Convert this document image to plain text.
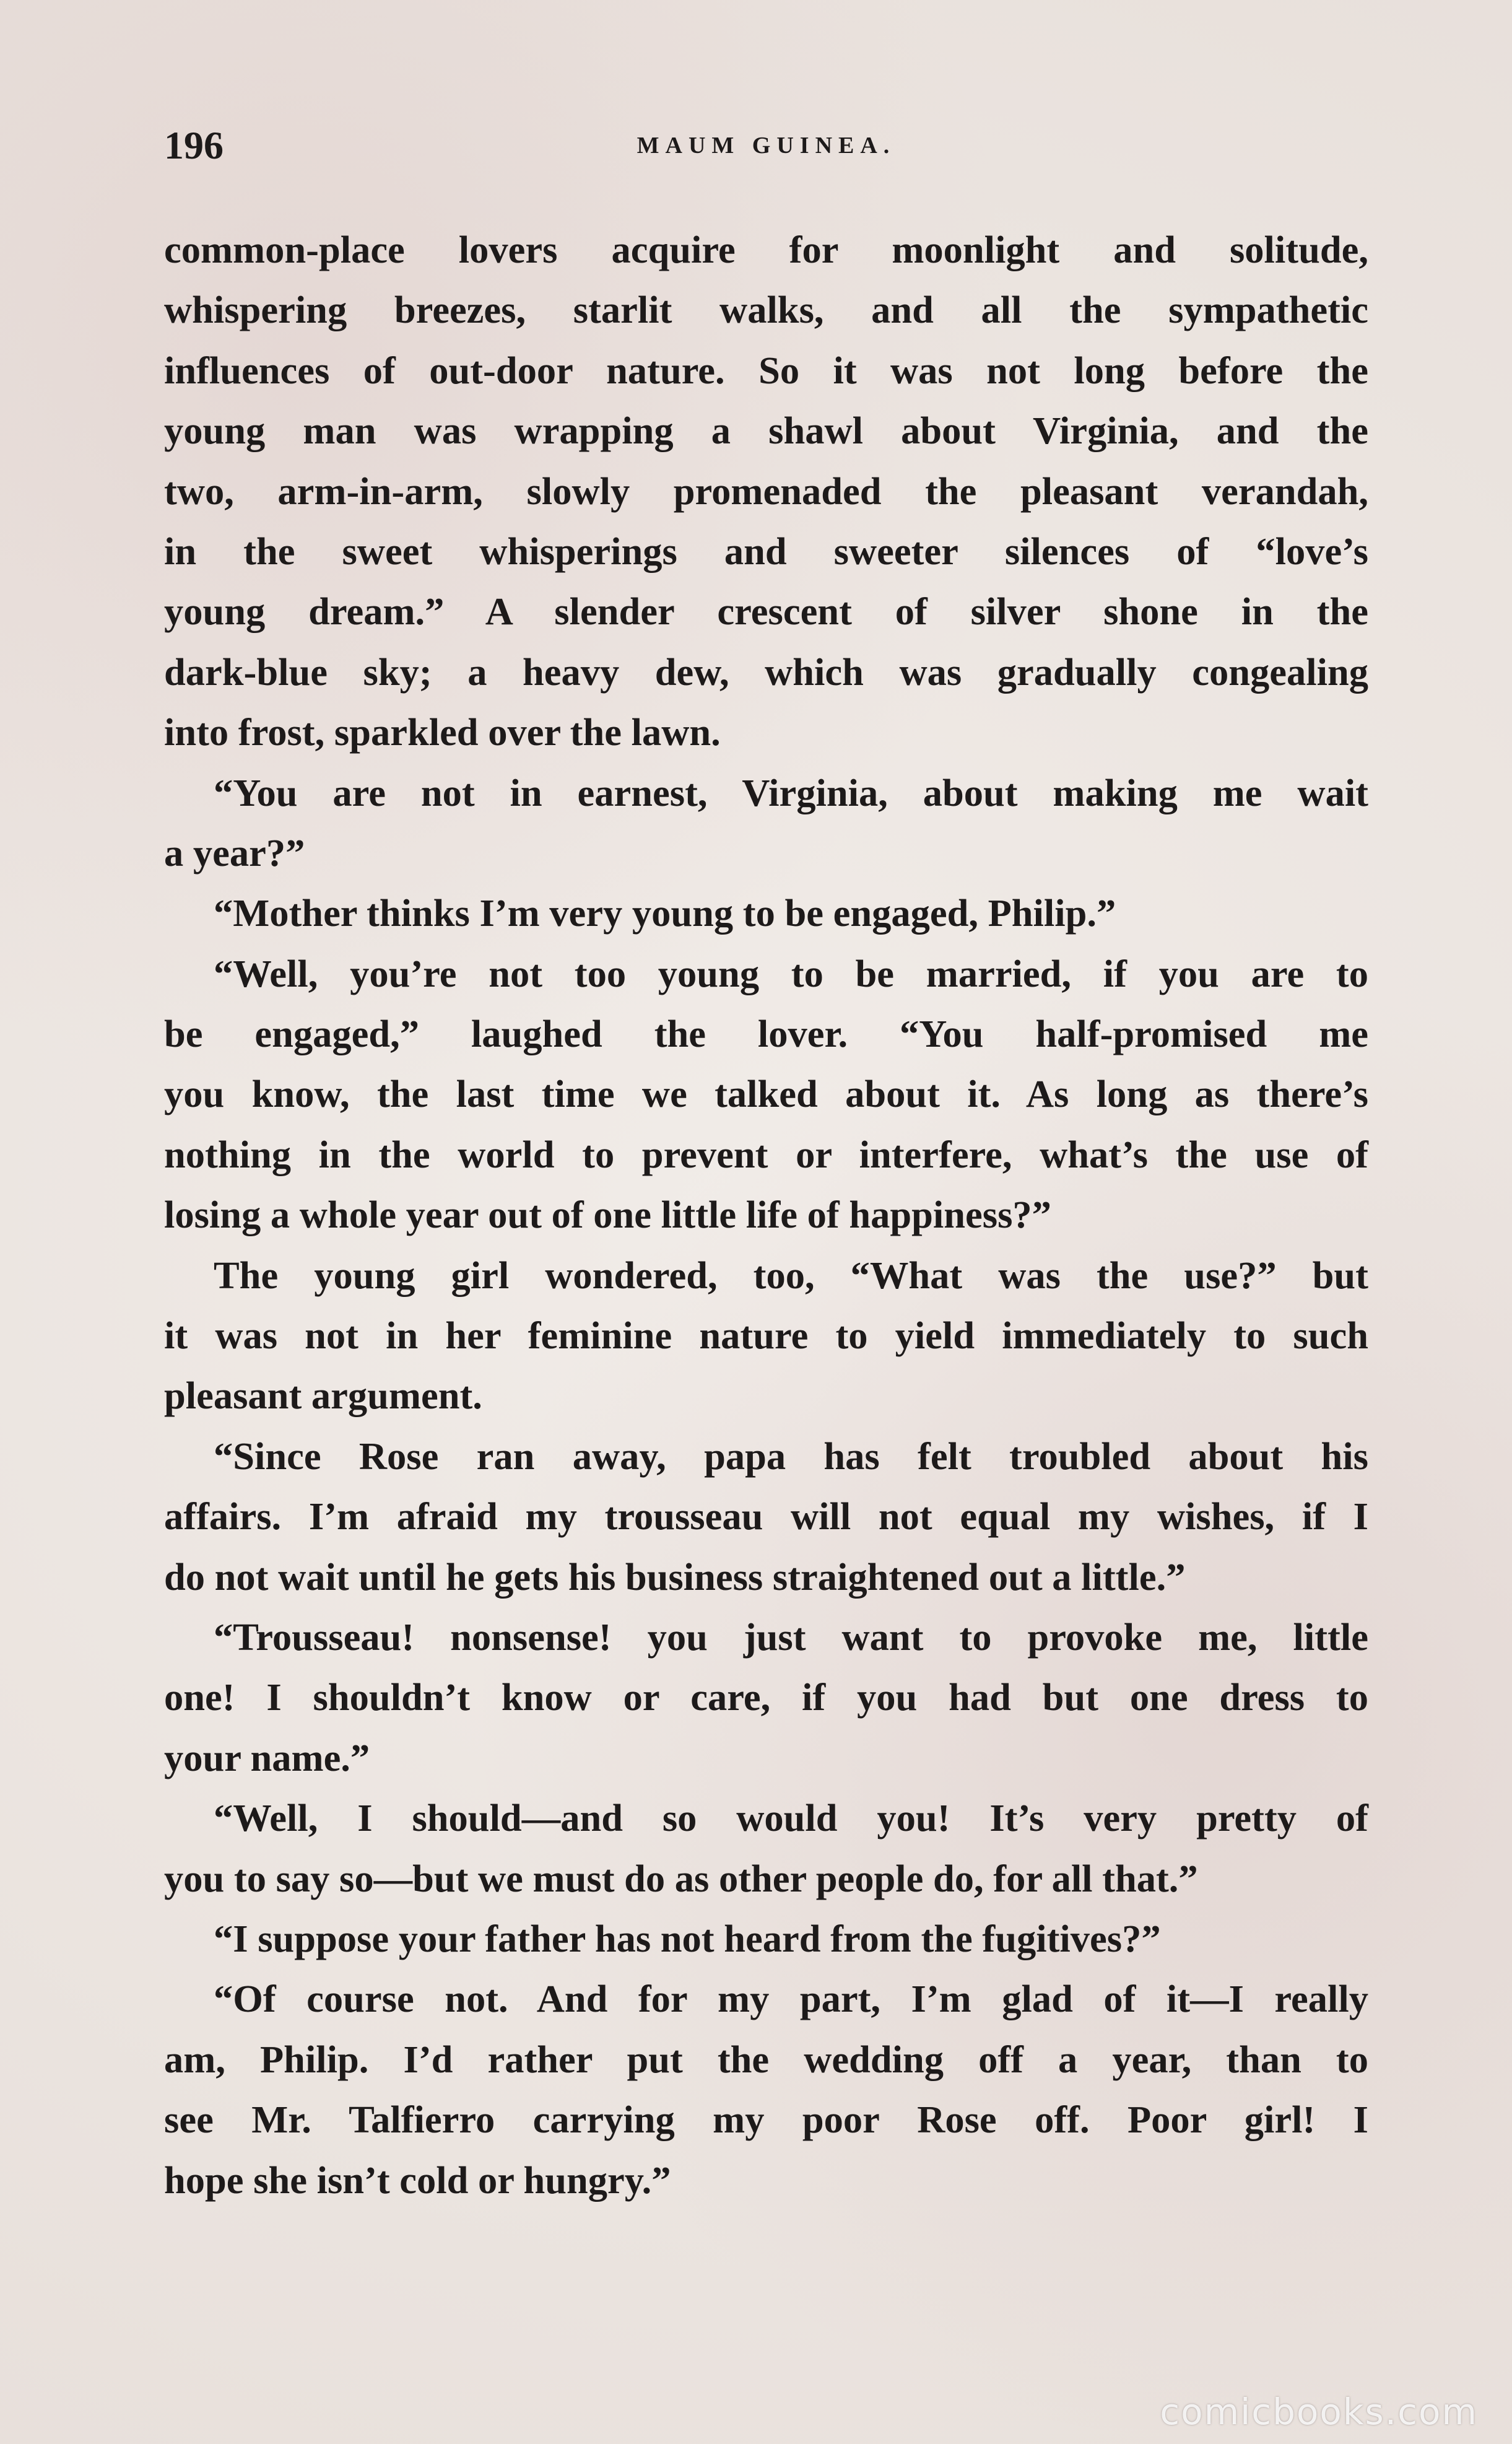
196	MAUM GUINEA.
common-place lovers acquire for moonlight and solitude,
whispering breezes, starlit walks, and all the sympathetic
influences of out-door nature. So it was not long before the
young man was wrapping a shawl about Virginia, and the
two, arm-in-arm, slowly promenaded the pleasant verandah,
in the sweet whisperings and sweeter silences of “love’s
young dream.” A slender crescent of silver shone in the
dark-blue sky; a heavy dew, which was gradually congealing
into frost, sparkled over the lawn.
“You are not in earnest, Virginia, about making me wait
a year?”
“Mother thinks I’m very young to be engaged, Philip.”
“Well, you’re not too young to be married, if you are to
be engaged,” laughed the lover. “You half-promised me
you know, the last time we talked about it. As long as there’s
nothing in the world to prevent or interfere, what’s the use of
losing a whole year out of one little life of happiness?”
The young girl wondered, too, “What was the use?” but
it was not in her feminine nature to yield immediately to such
pleasant argument.
“Since Rose ran away, papa has felt troubled about his
affairs. I’m afraid my trousseau will not equal my wishes, if I
do not wait until he gets his business straightened out a little.”
“Trousseau! nonsense! you just want to provoke me, little
one! I shouldn’t know or care, if you had but one dress to
your name.”
“Well, I should—and so would you! It’s very pretty of
you to say so—but we must do as other people do, for all that.”
“I suppose your father has not heard from the fugitives?”
“Of course not. And for my part, I’m glad of it—I really
am, Philip. I’d rather put the wedding off a year, than to
see Mr. Talfierro carrying my poor Rose off. Poor girl! I
hope she isn’t cold or hungry.”
comicbooks.com
